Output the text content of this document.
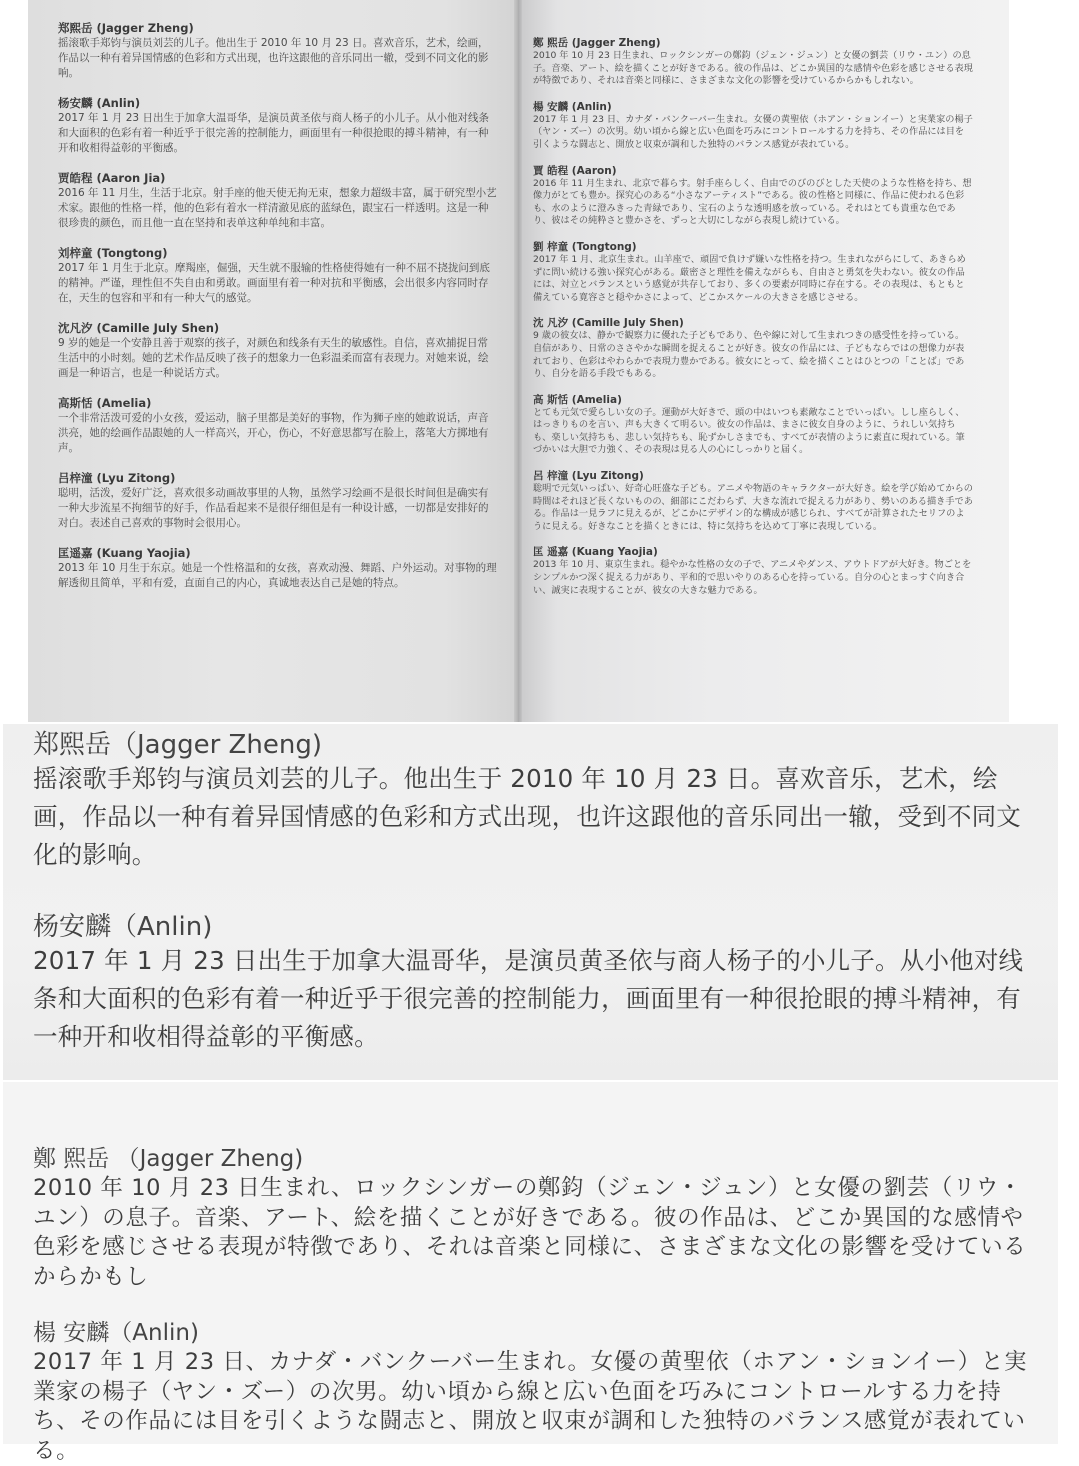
郑熙岳 (Jagger Zheng)
摇滚歌手郑钧与演员刘芸的儿子。他出生于 2010 年 10 月 23 日。喜欢音乐，艺术，绘画，作品以一种有着异国情感的色彩和方式出现，也许这跟他的音乐同出一辙，受到不同文化的影响。
杨安麟 (Anlin)
2017 年 1 月 23 日出生于加拿大温哥华，是演员黄圣依与商人杨子的小儿子。从小他对线条和大面积的色彩有着一种近乎于很完善的控制能力，画面里有一种很抢眼的搏斗精神，有一种开和收相得益彰的平衡感。
贾皓程 (Aaron Jia)
2016 年 11 月生，生活于北京。射手座的他天使无拘无束，想象力超级丰富，属于研究型小艺术家。跟他的性格一样，他的色彩有着水一样清澈见底的蓝绿色，跟宝石一样透明。这是一种很珍贵的颜色，而且他一直在坚持和表单这种单纯和丰富。
刘梓童 (Tongtong)
2017 年 1 月生于北京。摩羯座，倔强，天生就不服输的性格使得她有一种不屈不挠拢问到底的精神。严谨，理性但不失自由和勇敢。画面里有着一种对抗和平衡感，会出很多内容同时存在，天生的包容和平和有一种大气的感觉。
沈凡汐 (Camille July Shen)
9 岁的她是一个安静且善于观察的孩子，对颜色和线条有天生的敏感性。自信，喜欢捕捉日常生活中的小时刻。她的艺术作品反映了孩子的想象力一色彩温柔而富有表现力。对她来说，绘画是一种语言，也是一种说话方式。
高斯恬 (Amelia)
一个非常活泼可爱的小女孩，爱运动，脑子里都是美好的事物，作为狮子座的她敢说话，声音洪亮，她的绘画作品跟她的人一样高兴，开心，伤心，不好意思都写在脸上，落笔大方掷地有声。
吕梓潼 (Lyu Zitong)
聪明，活泼，爱好广泛，喜欢很多动画故事里的人物，虽然学习绘画不是很长时间但是确实有一种大步流星不拘细节的好手，作品看起来不是很仔细但是有一种设计感，一切都是安排好的对白。表述自己喜欢的事物时会很用心。
匡遥嘉 (Kuang Yaojia)
2013 年 10 月生于东京。她是一个性格温和的女孩，喜欢动漫、舞蹈、户外运动。对事物的理解透彻且简单，平和有爱，直面自己的内心，真诚地表达自己是她的特点。
鄭 熙岳 (Jagger Zheng)
2010 年 10 月 23 日生まれ、ロックシンガーの鄭鈞（ジェン・ジュン）と女優の劉芸（リウ・ユン）の息子。音楽、アート、絵を描くことが好きである。彼の作品は、どこか異国的な感情や色彩を感じさせる表現が特徴であり、それは音楽と同様に、さまざまな文化の影響を受けているからかもしれない。
楊 安麟 (Anlin)
2017 年 1 月 23 日、カナダ・バンクーバー生まれ。女優の黄聖依（ホアン・ションイー）と実業家の楊子（ヤン・ズー）の次男。幼い頃から線と広い色面を巧みにコントロールする力を持ち、その作品には目を引くような闘志と、開放と収束が調和した独特のバランス感覚が表れている。
賈 皓程 (Aaron)
2016 年 11 月生まれ、北京で暮らす。射手座らしく、自由でのびのびとした天使のような性格を持ち、想像力がとても豊か。探究心のある“小さなアーティスト”である。彼の性格と同様に、作品に使われる色彩も、水のように澄みきった青緑であり、宝石のような透明感を放っている。それはとても貴重な色であり、彼はその純粋さと豊かさを、ずっと大切にしながら表現し続けている。
劉 梓童 (Tongtong)
2017 年 1 月、北京生まれ。山羊座で、頑固で負けず嫌いな性格を持つ。生まれながらにして、あきらめずに問い続ける強い探究心がある。厳密さと理性を備えながらも、自由さと勇気を失わない。彼女の作品には、対立とバランスという感覚が共存しており、多くの要素が同時に存在する。その表現は、もともと備えている寛容さと穏やかさによって、どこかスケールの大きさを感じさせる。
沈 凡汐 (Camille July Shen)
9 歳の彼女は、静かで観察力に優れた子どもであり、色や線に対して生まれつきの感受性を持っている。自信があり、日常のささやかな瞬間を捉えることが好き。彼女の作品には、子どもならではの想像力が表れており、色彩はやわらかで表現力豊かである。彼女にとって、絵を描くことはひとつの「ことば」であり、自分を語る手段でもある。
高 斯恬 (Amelia)
とても元気で愛らしい女の子。運動が大好きで、頭の中はいつも素敵なことでいっぱい。しし座らしく、はっきりものを言い、声も大きくて明るい。彼女の作品は、まさに彼女自身のように、うれしい気持ちも、楽しい気持ちも、悲しい気持ちも、恥ずかしさまでも、すべてが表情のように素直に現れている。筆づかいは大胆で力強く、その表現は見る人の心にしっかりと届く。
呂 梓潼 (Lyu Zitong)
聡明で元気いっぱい、好奇心旺盛な子ども。アニメや物語のキャラクターが大好き。絵を学び始めてからの時間はそれほど長くないものの、細部にこだわらず、大きな流れで捉える力があり、勢いのある描き手である。作品は一見ラフに見えるが、どこかにデザイン的な構成が感じられ、すべてが計算されたセリフのように見える。好きなことを描くときには、特に気持ちを込めて丁寧に表現している。
匡 遥嘉 (Kuang Yaojia)
2013 年 10 月、東京生まれ。穏やかな性格の女の子で、アニメやダンス、アウトドアが大好き。物ごとをシンプルかつ深く捉える力があり、平和的で思いやりのある心を持っている。自分の心とまっすぐ向き合い、誠実に表現することが、彼女の大きな魅力である。
郑熙岳（Jagger Zheng)
摇滚歌手郑钧与演员刘芸的儿子。他出生于 2010 年 10 月 23 日。喜欢音乐，艺术，绘画，作品以一种有着异国情感的色彩和方式出现，也许这跟他的音乐同出一辙，受到不同文化的影响。
杨安麟（Anlin)
2017 年 1 月 23 日出生于加拿大温哥华，是演员黄圣依与商人杨子的小儿子。从小他对线条和大面积的色彩有着一种近乎于很完善的控制能力，画面里有一种很抢眼的搏斗精神，有一种开和收相得益彰的平衡感。
鄭 熙岳 （Jagger Zheng)
2010 年 10 月 23 日生まれ、ロックシンガーの鄭鈞（ジェン・ジュン）と女優の劉芸（リウ・ユン）の息子。音楽、アート、絵を描くことが好きである。彼の作品は、どこか異国的な感情や色彩を感じさせる表現が特徴であり、それは音楽と同様に、さまざまな文化の影響を受けているからかもし
楊 安麟（Anlin)
2017 年 1 月 23 日、カナダ・バンクーバー生まれ。女優の黄聖依（ホアン・ションイー）と実業家の楊子（ヤン・ズー）の次男。幼い頃から線と広い色面を巧みにコントロールする力を持ち、その作品には目を引くような闘志と、開放と収束が調和した独特のバランス感覚が表れている。
